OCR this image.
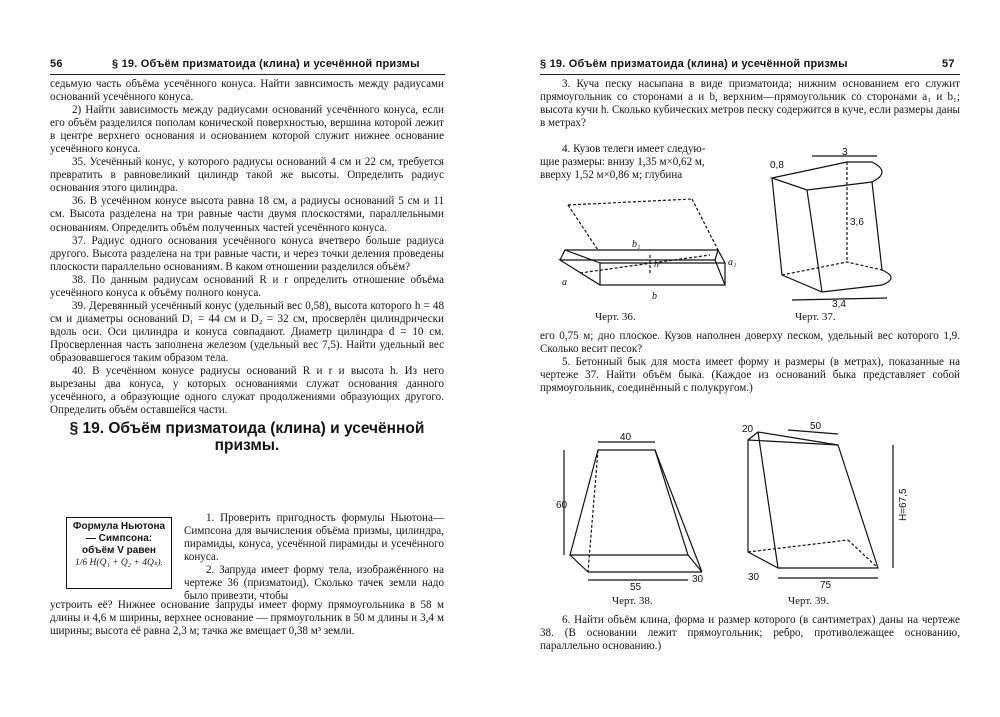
56	§ 19. Объём призматоида (клина) и усечённой призмы

седьмую часть объёма усечённого конуса. Найти зависимость между радиусами оснований усечённого конуса.

2) Найти зависимость между радиусами оснований усечённого конуса, если его объём разделился пополам конической поверхностью, вершина которой лежит в центре верхнего основания и основанием которой служит нижнее основание усечённого конуса.

35. Усечённый конус, у которого радиусы оснований 4 см и 22 см, требуется превратить в равновеликий цилиндр такой же высоты. Определить радиус основания этого цилиндра.

36. В усечённом конусе высота равна 18 см, а радиусы оснований 5 см и 11 см. Высота разделена на три равные части двумя плоскостями, параллельными основаниям. Определить объём полученных частей усечённого конуса.

37. Радиус одного основания усечённого конуса вчетверо больше радиуса другого. Высота разделена на три равные части, и через точки деления проведены плоскости параллельно основаниям. В каком отношении разделился объём?

38. По данным радиусам оснований R и r определить отношение объёма усечённого конуса к объёму полного конуса.

39. Деревянный усечённый конус (удельный вес 0,58), высота которого h = 48 см и диаметры оснований D₁ = 44 см и D₂ = 32 см, просверлён цилиндрически вдоль оси. Оси цилиндра и конуса совпадают. Диаметр цилиндра d = 10 см. Просверленная часть заполнена железом (удельный вес 7,5). Найти удельный вес образовавшегося таким образом тела.

40. В усечённом конусе радиусы оснований R и r и высота h. Из него вырезаны два конуса, у которых основаниями служат основания данного усечённого, а образующие одного служат продолжениями образующих другого. Определить объём оставшейся части.

§ 19. Объём призматоида (клина) и усечённой призмы.
Формула Ньютона— Симпсона:
объём V равен
1/6 H(Q₁ + Q₂ + 4Qₛ).

1. Проверить пригодность формулы Ньютона—Симпсона для вычисления объёма призмы, цилиндра, пирамиды, конуса, усечённой пирамиды и усечённого конуса.

2. Запруда имеет форму тела, изображённого на чертеже 36 (призматоид). Сколько тачек земли надо было привезти, чтобы

устроить её? Нижнее основание запруды имеет форму прямоугольника в 58 м длины и 4,6 м ширины, верхнее основание — прямоугольник в 50 м длины и 3,4 м ширины; высота её равна 2,3 м; тачка же вмещает 0,38 м³ земли.

§ 19. Объём призматоида (клина) и усечённой призмы	57

3. Куча песку насыпана в виде призматоида; нижним основанием его служит прямоугольник со сторонами a и b, верхним—прямоугольник со сторонами a₁ и b₁; высота кучи h. Сколько кубических метров песку содержится в куче, если размеры даны в метрах?

4. Кузов телеги имеет следую-
щие размеры: внизу 1,35 м×0,62 м,
вверху 1,52 м×0,86 м; глубина
b₁
h
b
a
a₁
Черт. 36.
3
3,6
3,4
0,8
Черт. 37.

его 0,75 м; дно плоское. Кузов наполнен доверху песком, удельный вес которого 1,9. Сколько весит песок?

5. Бетонный бык для моста имеет форму и размеры (в метрах), показанные на чертеже 37. Найти объём быка. (Каждое из оснований быка представляет собой прямоугольник, соединённый с полукругом.)

40
60
55
30
Черт. 38.
50
20
H=67,5
75
30
Черт. 39.

6. Найти объём клина, форма и размер которого (в сантиметрах) даны на чертеже 38. (В основании лежит прямоугольник; ребро, противолежащее основанию, параллельно основанию.)
